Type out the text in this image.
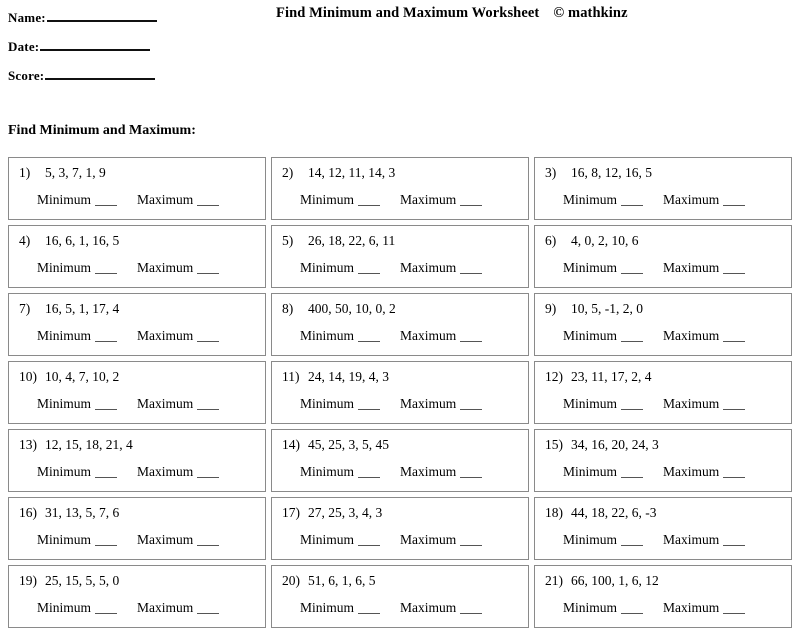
Name:
Date:
Score:
Find Minimum and Maximum Worksheet © mathkinz
Find Minimum and Maximum:
1) 5, 3, 7, 1, 9
Minimum	Maximum
2) 14, 12, 11, 14, 3
Minimum	Maximum
3) 16, 8, 12, 16, 5
Minimum	Maximum
4) 16, 6, 1, 16, 5
Minimum	Maximum
5) 26, 18, 22, 6, 11
Minimum	Maximum
6) 4, 0, 2, 10, 6
Minimum	Maximum
7) 16, 5, 1, 17, 4
Minimum	Maximum
8) 400, 50, 10, 0, 2
Minimum	Maximum
9) 10, 5, -1, 2, 0
Minimum	Maximum
10) 10, 4, 7, 10, 2
Minimum	Maximum
11) 24, 14, 19, 4, 3
Minimum	Maximum
12) 23, 11, 17, 2, 4
Minimum	Maximum
13) 12, 15, 18, 21, 4
Minimum	Maximum
14) 45, 25, 3, 5, 45
Minimum	Maximum
15) 34, 16, 20, 24, 3
Minimum	Maximum
16) 31, 13, 5, 7, 6
Minimum	Maximum
17) 27, 25, 3, 4, 3
Minimum	Maximum
18) 44, 18, 22, 6, -3
Minimum	Maximum
19) 25, 15, 5, 5, 0
Minimum	Maximum
20) 51, 6, 1, 6, 5
Minimum	Maximum
21) 66, 100, 1, 6, 12
Minimum	Maximum
